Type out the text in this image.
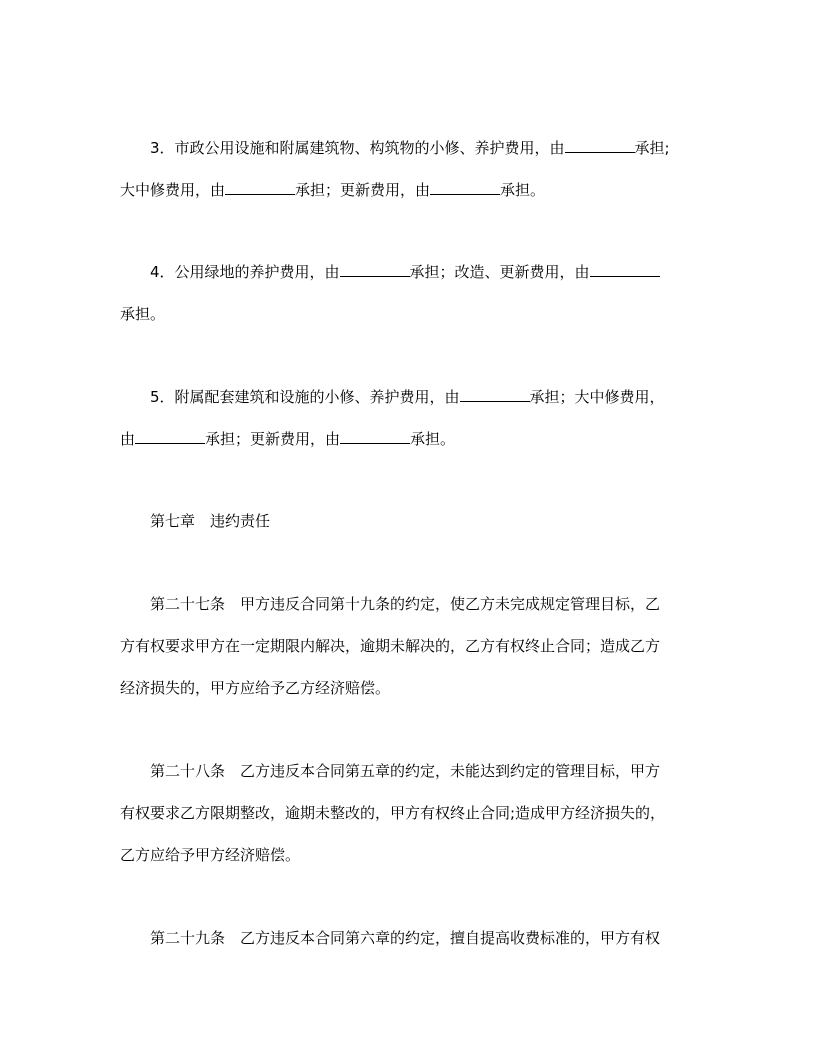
3．市政公用设施和附属建筑物、构筑物的小修、养护费用，由	承担;
大中修费用，由	承担；更新费用，由	承担。
4．公用绿地的养护费用，由	承担；改造、更新费用，由
承担。
5．附属配套建筑和设施的小修、养护费用，由	承担；大中修费用，
由	承担；更新费用，由	承担。
第七章　违约责任
第二十七条　甲方违反合同第十九条的约定，使乙方未完成规定管理目标，乙
方有权要求甲方在一定期限内解决，逾期未解决的，乙方有权终止合同；造成乙方
经济损失的，甲方应给予乙方经济赔偿。
第二十八条　乙方违反本合同第五章的约定，未能达到约定的管理目标，甲方
有权要求乙方限期整改，逾期未整改的，甲方有权终止合同;造成甲方经济损失的，
乙方应给予甲方经济赔偿。
第二十九条　乙方违反本合同第六章的约定，擅自提高收费标准的，甲方有权
